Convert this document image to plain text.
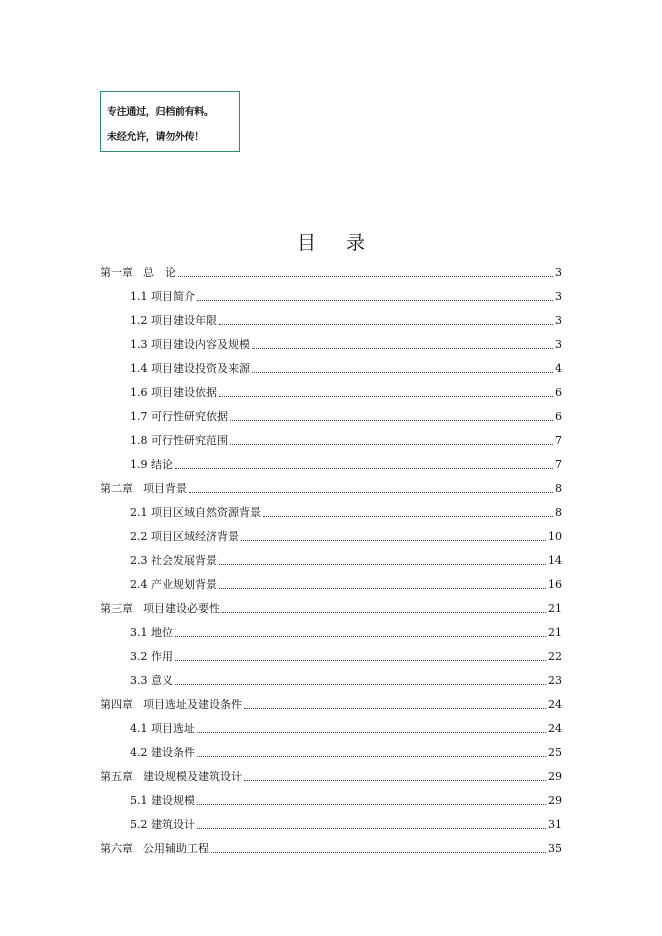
专注通过，归档前有料。
未经允许，请勿外传！
目录
第一章 总　论	3
1.1 项目简介	3
1.2 项目建设年限	3
1.3 项目建设内容及规模	3
1.4 项目建设投资及来源	4
1.6 项目建设依据	6
1.7 可行性研究依据	6
1.8 可行性研究范围	7
1.9 结论	7
第二章 项目背景	8
2.1 项目区域自然资源背景	8
2.2 项目区域经济背景	10
2.3 社会发展背景	14
2.4 产业规划背景	16
第三章 项目建设必要性	21
3.1 地位	21
3.2 作用	22
3.3 意义	23
第四章 项目选址及建设条件	24
4.1 项目选址	24
4.2 建设条件	25
第五章 建设规模及建筑设计	29
5.1 建设规模	29
5.2 建筑设计	31
第六章 公用辅助工程	35
